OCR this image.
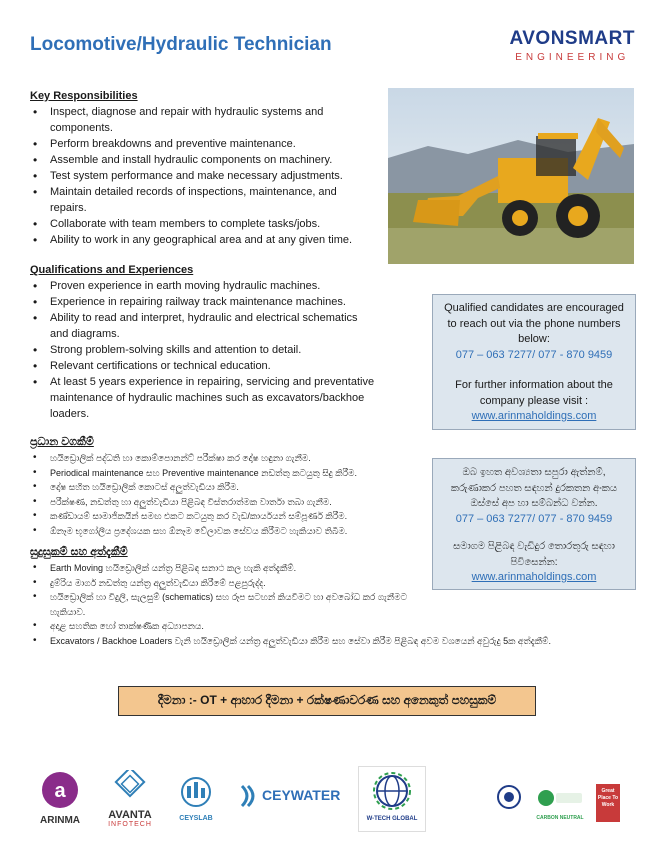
Locomotive/Hydraulic Technician	AVONSMART
ENGINEERING
Key Responsibilities
• Inspect, diagnose and repair with hydraulic systems and components.
• Perform breakdowns and preventive maintenance.
• Assemble and install hydraulic components on machinery.
• Test system performance and make necessary adjustments.
• Maintain detailed records of inspections, maintenance, and repairs.
• Collaborate with team members to complete tasks/jobs.
• Ability to work in any geographical area and at any given time.
Qualifications and Experiences
• Proven experience in earth moving hydraulic machines.
• Experience in repairing railway track maintenance machines.
• Ability to read and interpret, hydraulic and electrical schematics and diagrams.
• Strong problem-solving skills and attention to detail.
• Relevant certifications or technical education.
• At least 5 years experience in repairing, servicing and preventative maintenance of hydraulic machines such as excavators/backhoe loaders.
Qualified candidates are encouraged to reach out via the phone numbers below:
077 – 063 7277/ 077 - 870 9459
For further information about the company please visit :
www.arinmaholdings.com
ප්‍රධාන වගකීම්
• හයිඩ්‍රොලික් පද්ධති හා කොම්පොනන්ට් පරීක්ෂා කර දෝෂ හඳුනා ගැනීම.
• Periodical maintenance සහ Preventive maintenance නඩත්තු කටයුතු සිදු කිරීම.
• දෝෂ සහිත හයිඩ්‍රොලික් කොටස් අලුත්වැඩියා කිරීම.
• පරීක්ෂණ, නඩත්තු හා අලුත්වැඩියා පිළිබඳ විස්තරාත්මක වාර්තා තබා ගැනීම.
• කණ්ඩායම් සාමාජිකයින් සමඟ එකට කටයුතු කර වැඩ/කාර්යයන් සම්පූර්ණ කිරීම.
• ඕනෑම භූගෝලීය ප්‍රදේශයක සහ ඕනෑම වේලාවක සේවය කිරීමට හැකියාව තිබීම.
ඔබ ඉහත අවශ්‍යතා සපුරා ඇත්නම්, කරුණාකර පහත සඳහන් දුරකතන අංකය ඔස්සේ අප හා සම්බන්ධ වන්න.
077 – 063 7277/ 077 - 870 9459
සමාගම පිළිබඳ වැඩිදුර තොරතුරු සඳහා පිවිසෙන්න:
www.arinmaholdings.com
සුදුසුකම් සහ අත්දැකීම්
• Earth Moving හයිඩ්‍රොලික් යන්ත්‍ර පිළිබඳ සනාථ කල හැකි අත්දැකීම්.
• දුම්රිය මාර්ග නඩත්තු යන්ත්‍ර අලුත්වැඩියා කිරීමේ පළපුරුද්ද.
• හයිඩ්‍රොලික් හා විදුලි, සැලසුම් (schematics) සහ රූප සටහන් කියවීමට හා අවබෝධ කර ගැනීමට හැකියාව.
• අදාළ සහතික හෝ තාක්ෂණික අධ්‍යාපනය.
• Excavators / Backhoe Loaders වැනි හයිඩ්‍රොලික් යන්ත්‍ර අලුත්වැඩියා කිරීම සහ සේවා කිරීම පිළිබඳ අවම වශයෙන් අවුරුදු 5ක අත්දැකීම්.
දීමනා :- OT + ආහාර දීමනා + රක්ෂණාවරණ සහ අනෙකුත් පහසුකම්
a
ARINMA	AVANTA
INFOTECH
CEYSLAB
CEYWATER
W-TECH GLOBAL	CARBON NEUTRAL
Great Place To Work
